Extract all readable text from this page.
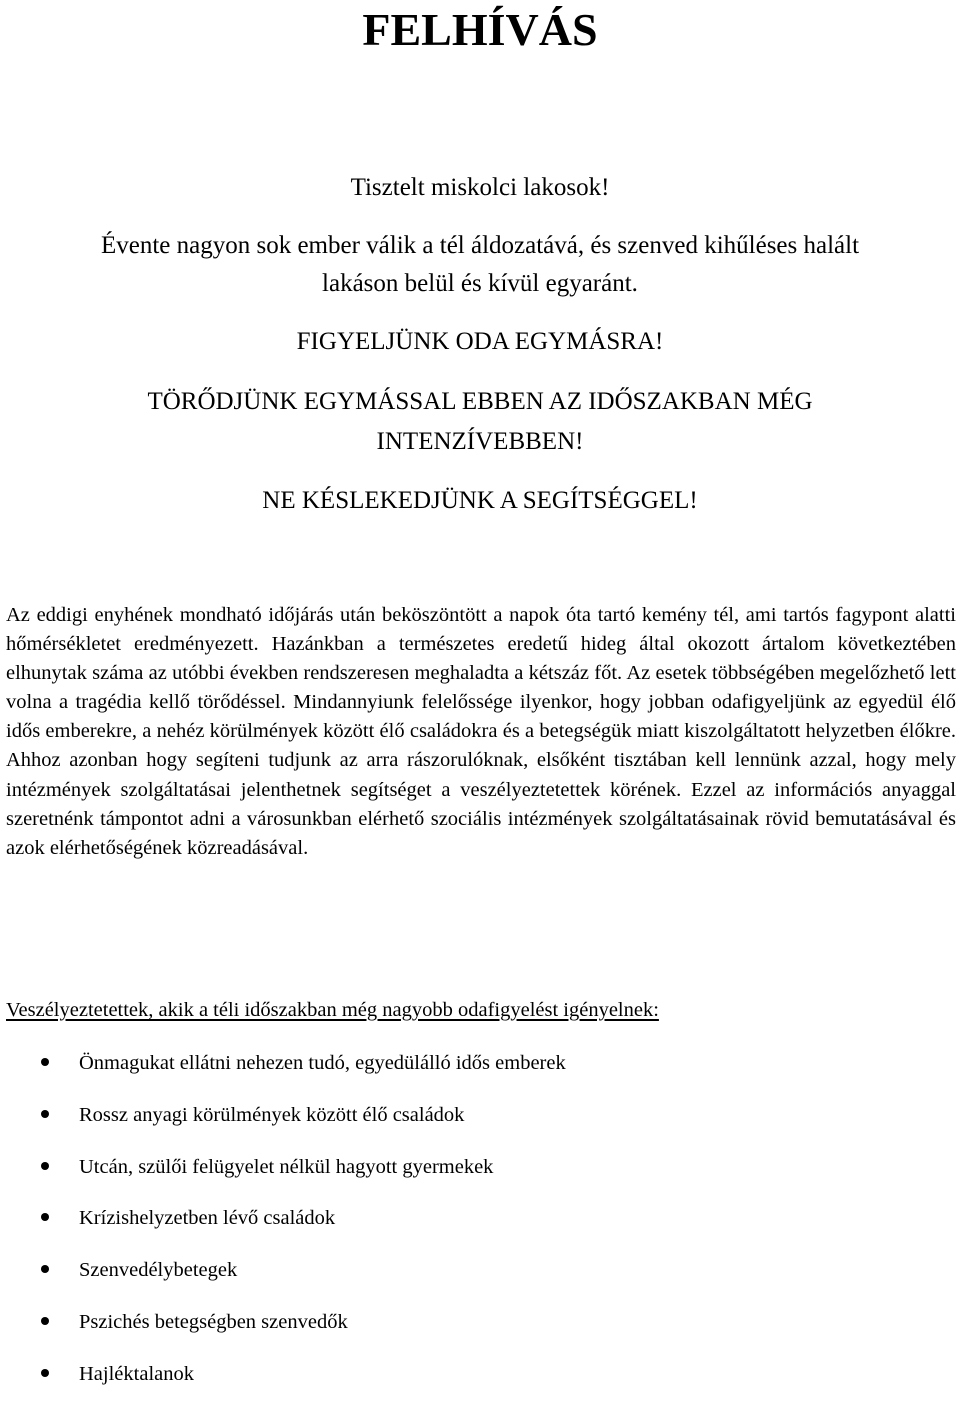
FELHÍVÁS

Tisztelt miskolci lakosok!

Évente nagyon sok ember válik a tél áldozatává, és szenved kihűléses halált

lakáson belül és kívül egyaránt.

FIGYELJÜNK ODA EGYMÁSRA!

TÖRŐDJÜNK EGYMÁSSAL EBBEN AZ IDŐSZAKBAN MÉG

INTENZÍVEBBEN!

NE KÉSLEKEDJÜNK A SEGÍTSÉGGEL!

Az eddigi enyhének mondható időjárás után beköszöntött a napok óta tartó kemény tél, ami tartós fagypont alatti hőmérsékletet eredményezett. Hazánkban a természetes eredetű hideg által okozott ártalom következtében elhunytak száma az utóbbi években rendszeresen meghaladta a kétszáz főt. Az esetek többségében megelőzhető lett volna a tragédia kellő törődéssel. Mindannyiunk felelőssége ilyenkor, hogy jobban odafigyeljünk az egyedül élő idős emberekre, a nehéz körülmények között élő családokra és a betegségük miatt kiszolgáltatott helyzetben élőkre. Ahhoz azonban hogy segíteni tudjunk az arra rászorulóknak, elsőként tisztában kell lennünk azzal, hogy mely intézmények szolgáltatásai jelenthetnek segítséget a veszélyeztetettek körének. Ezzel az információs anyaggal szeretnénk támpontot adni a városunkban elérhető szociális intézmények szolgáltatásainak rövid bemutatásával és azok elérhetőségének közreadásával.

Veszélyeztetettek, akik a téli időszakban még nagyobb odafigyelést igényelnek:

Önmagukat ellátni nehezen tudó, egyedülálló idős emberek
Rossz anyagi körülmények között élő családok
Utcán, szülői felügyelet nélkül hagyott gyermekek
Krízishelyzetben lévő családok
Szenvedélybetegek
Pszichés betegségben szenvedők
Hajléktalanok
